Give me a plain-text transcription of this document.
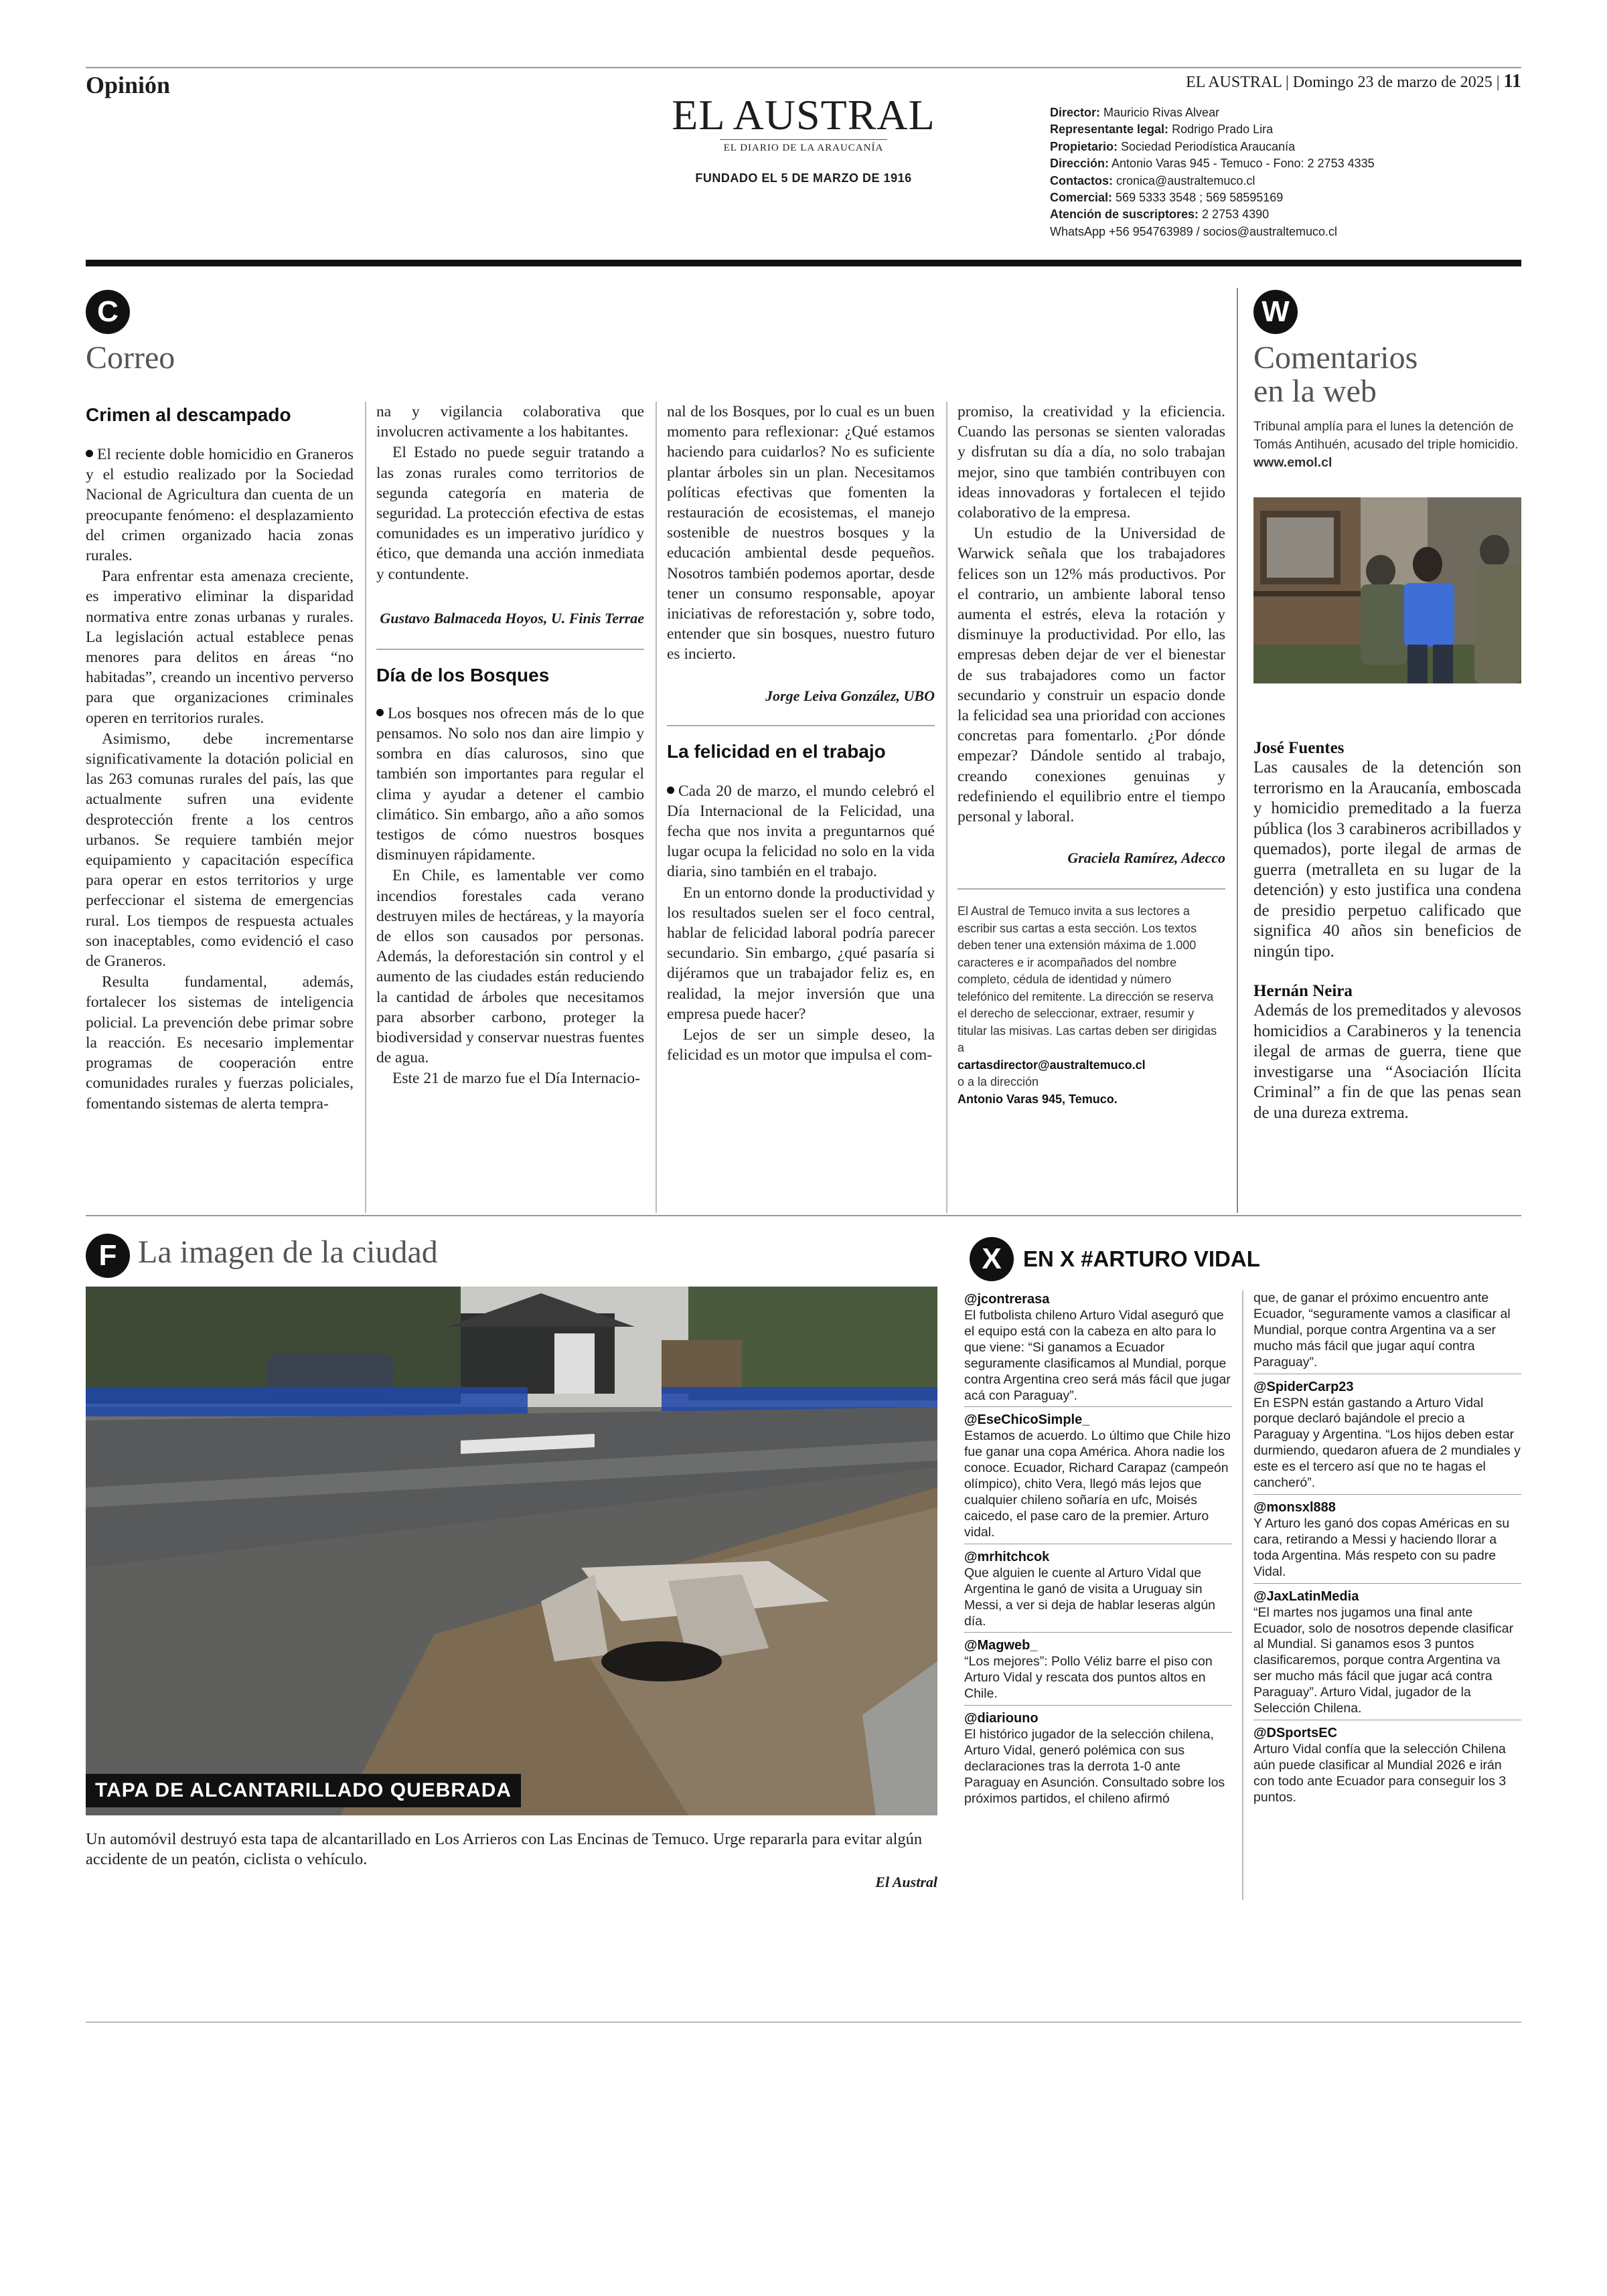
Opinión	EL AUSTRAL | Domingo 23 de marzo de 2025 | 11
EL AUSTRAL
EL DIARIO DE LA ARAUCANÍA
FUNDADO EL 5 DE MARZO DE 1916
Director: Mauricio Rivas Alvear
Representante legal: Rodrigo Prado Lira
Propietario: Sociedad Periodística Araucanía
Dirección: Antonio Varas 945 - Temuco - Fono: 2 2753 4335
Contactos: cronica@australtemuco.cl
Comercial: 569 5333 3548 ; 569 58595169
Atención de suscriptores: 2 2753 4390
WhatsApp +56 954763989 / socios@australtemuco.cl
C
Correo
Crimen al descampado

El reciente doble homicidio en Graneros y el estudio realizado por la Sociedad Nacional de Agricultura dan cuenta de un preocupante fenómeno: el desplazamiento del crimen organizado hacia zonas rurales.

Para enfrentar esta amenaza creciente, es imperativo eliminar la disparidad normativa entre zonas urbanas y rurales. La legislación actual establece penas menores para delitos en áreas “no habitadas”, creando un incentivo perverso para que organizaciones criminales operen en territorios rurales.

Asimismo, debe incrementarse significativamente la dotación policial en las 263 comunas rurales del país, las que actualmente sufren una evidente desprotección frente a los centros urbanos. Se requiere también mejor equipamiento y capacitación específica para operar en estos territorios y urge perfeccionar el sistema de emergencias rural. Los tiempos de respuesta actuales son inaceptables, como evidenció el caso de Graneros.

Resulta fundamental, además, fortalecer los sistemas de inteligencia policial. La prevención debe primar sobre la reacción. Es necesario implementar programas de cooperación entre comunidades rurales y fuerzas policiales, fomentando sistemas de alerta tempra-

na y vigilancia colaborativa que involucren activamente a los habitantes.

El Estado no puede seguir tratando a las zonas rurales como territorios de segunda categoría en materia de seguridad. La protección efectiva de estas comunidades es un imperativo jurídico y ético, que demanda una acción inmediata y contundente.

Gustavo Balmaceda Hoyos, U. Finis Terrae
Día de los Bosques

Los bosques nos ofrecen más de lo que pensamos. No solo nos dan aire limpio y sombra en días calurosos, sino que también son importantes para regular el clima y ayudar a detener el cambio climático. Sin embargo, año a año somos testigos de cómo nuestros bosques disminuyen rápidamente.

En Chile, es lamentable ver como incendios forestales cada verano destruyen miles de hectáreas, y la mayoría de ellos son causados por personas. Además, la deforestación sin control y el aumento de las ciudades están reduciendo la cantidad de árboles que necesitamos para absorber carbono, proteger la biodiversidad y conservar nuestras fuentes de agua.

Este 21 de marzo fue el Día Internacio-

nal de los Bosques, por lo cual es un buen momento para reflexionar: ¿Qué estamos haciendo para cuidarlos? No es suficiente plantar árboles sin un plan. Necesitamos políticas efectivas que fomenten la restauración de ecosistemas, el manejo sostenible de nuestros bosques y la educación ambiental desde pequeños. Nosotros también podemos aportar, desde tener un consumo responsable, apoyar iniciativas de reforestación y, sobre todo, entender que sin bosques, nuestro futuro es incierto.

Jorge Leiva González, UBO
La felicidad en el trabajo

Cada 20 de marzo, el mundo celebró el Día Internacional de la Felicidad, una fecha que nos invita a preguntarnos qué lugar ocupa la felicidad no solo en la vida diaria, sino también en el trabajo.

En un entorno donde la productividad y los resultados suelen ser el foco central, hablar de felicidad laboral podría parecer secundario. Sin embargo, ¿qué pasaría si dijéramos que un trabajador feliz es, en realidad, la mejor inversión que una empresa puede hacer?

Lejos de ser un simple deseo, la felicidad es un motor que impulsa el com-

promiso, la creatividad y la eficiencia. Cuando las personas se sienten valoradas y disfrutan su día a día, no solo trabajan mejor, sino que también contribuyen con ideas innovadoras y fortalecen el tejido colaborativo de la empresa.

Un estudio de la Universidad de Warwick señala que los trabajadores felices son un 12% más productivos. Por el contrario, un ambiente laboral tenso aumenta el estrés, eleva la rotación y disminuye la productividad. Por ello, las empresas deben dejar de ver el bienestar de sus trabajadores como un factor secundario y construir un espacio donde la felicidad sea una prioridad con acciones concretas para fomentarlo. ¿Por dónde empezar? Dándole sentido al trabajo, creando conexiones genuinas y redefiniendo el equilibrio entre el tiempo personal y laboral.

Graciela Ramírez, Adecco
El Austral de Temuco invita a sus lectores a escribir sus cartas a esta sección. Los textos deben tener una extensión máxima de 1.000 caracteres e ir acompañados del nombre completo, cédula de identidad y número telefónico del remitente. La dirección se reserva el derecho de seleccionar, extraer, resumir y titular las misivas. Las cartas deben ser dirigidas a
cartasdirector@australtemuco.cl
o a la dirección
Antonio Varas 945, Temuco.
W
Comentarios
en la web
Tribunal amplía para el lunes la detención de Tomás Antihuén, acusado del triple homicidio. www.emol.cl
José Fuentes
Las causales de la detención son terrorismo en la Araucanía, emboscada y homicidio premeditado a la fuerza pública (los 3 carabineros acribillados y quemados), porte ilegal de armas de guerra (metralleta en su lugar de la detención) y esto justifica una condena de presidio perpetuo calificado que significa 40 años sin beneficios de ningún tipo.
Hernán Neira
Además de los premeditados y alevosos homicidios a Carabineros y la tenencia ilegal de armas de guerra, tiene que investigarse una “Asociación Ilícita Criminal” a fin de que las penas sean de una dureza extrema.
F La imagen de la ciudad
TAPA DE ALCANTARILLADO QUEBRADA
Un automóvil destruyó esta tapa de alcantarillado en Los Arrieros con Las Encinas de Temuco. Urge repararla para evitar algún accidente de un peatón, ciclista o vehículo.
El Austral
X EN X #ARTURO VIDAL
@jcontrerasa
El futbolista chileno Arturo Vidal aseguró que el equipo está con la cabeza en alto para lo que viene: “Si ganamos a Ecuador seguramente clasificamos al Mundial, porque contra Argentina creo será más fácil que jugar acá con Paraguay”.
@EseChicoSimple_
Estamos de acuerdo. Lo último que Chile hizo fue ganar una copa América. Ahora nadie los conoce. Ecuador, Richard Carapaz (campeón olímpico), chito Vera, llegó más lejos que cualquier chileno soñaría en ufc, Moisés caicedo, el pase caro de la premier. Arturo vidal.
@mrhitchcok
Que alguien le cuente al Arturo Vidal que Argentina le ganó de visita a Uruguay sin Messi, a ver si deja de hablar leseras algún día.
@Magweb_
“Los mejores”: Pollo Véliz barre el piso con Arturo Vidal y rescata dos puntos altos en Chile.
@diariouno
El histórico jugador de la selección chilena, Arturo Vidal, generó polémica con sus declaraciones tras la derrota 1-0 ante Paraguay en Asunción. Consultado sobre los próximos partidos, el chileno afirmó
que, de ganar el próximo encuentro ante Ecuador, “seguramente vamos a clasificar al Mundial, porque contra Argentina va a ser mucho más fácil que jugar aquí contra Paraguay”.
@SpiderCarp23
En ESPN están gastando a Arturo Vidal porque declaró bajándole el precio a Paraguay y Argentina. “Los hijos deben estar durmiendo, quedaron afuera de 2 mundiales y este es el tercero así que no te hagas el cancheró”.
@monsxl888
Y Arturo les ganó dos copas Américas en su cara, retirando a Messi y haciendo llorar a toda Argentina. Más respeto con su padre Vidal.
@JaxLatinMedia
“El martes nos jugamos una final ante Ecuador, solo de nosotros depende clasificar al Mundial. Si ganamos esos 3 puntos clasificaremos, porque contra Argentina va ser mucho más fácil que jugar acá contra Paraguay”. Arturo Vidal, jugador de la Selección Chilena.
@DSportsEC
Arturo Vidal confía que la selección Chilena aún puede clasificar al Mundial 2026 e irán con todo ante Ecuador para conseguir los 3 puntos.
